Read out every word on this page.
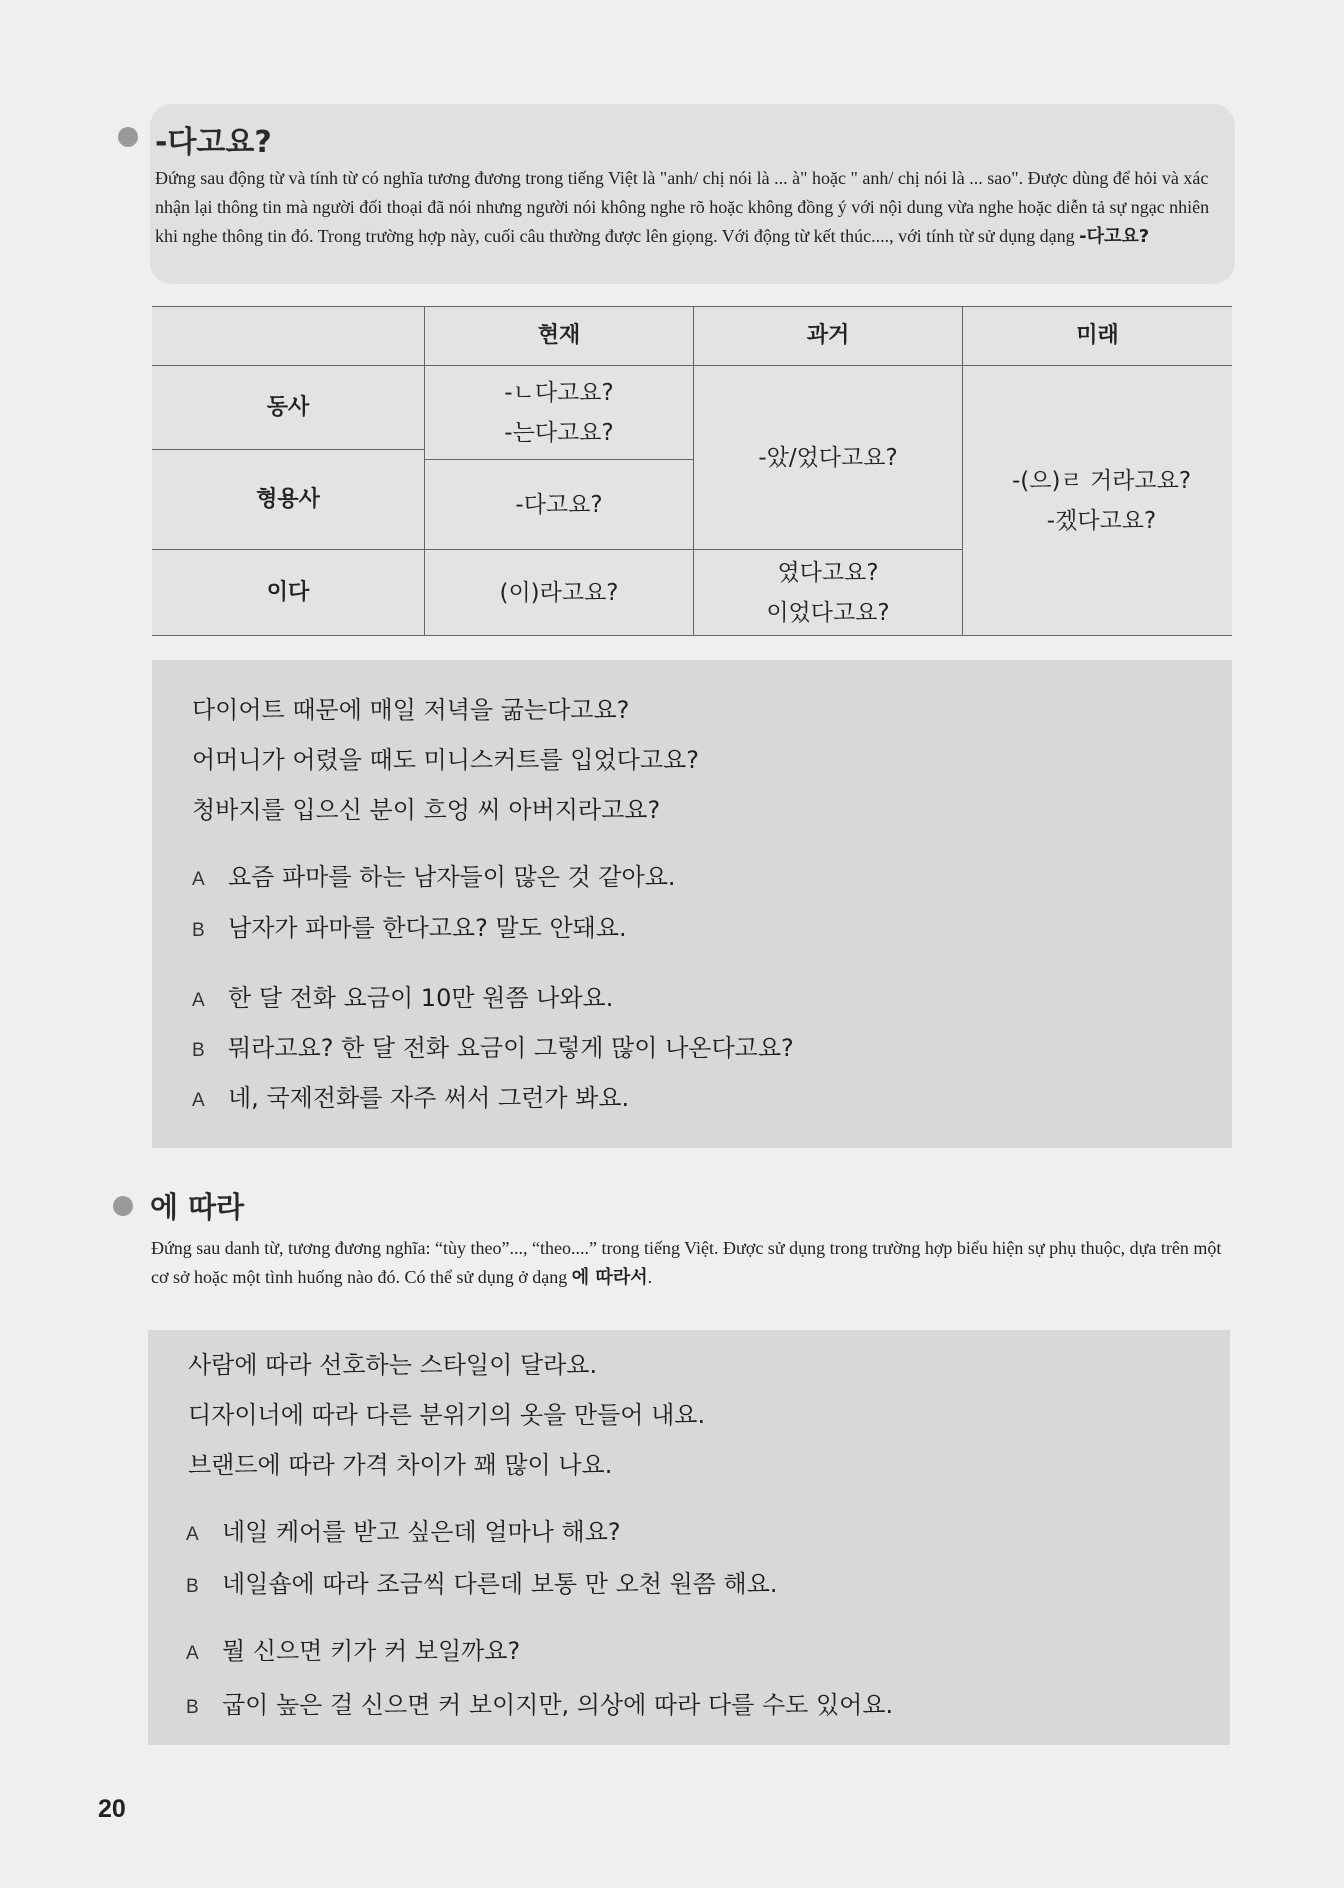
-다고요?
Đứng sau động từ và tính từ có nghĩa tương đương trong tiếng Việt là "anh/ chị nói là ... à" hoặc " anh/ chị nói là ... sao". Được dùng để hỏi và xác nhận lại thông tin mà người đối thoại đã nói nhưng người nói không nghe rõ hoặc không đồng ý với nội dung vừa nghe hoặc diễn tả sự ngạc nhiên khi nghe thông tin đó. Trong trường hợp này, cuối câu thường được lên giọng. Với động từ kết thúc...., với tính từ sử dụng dạng -다고요?
현재	과거	미래
동사
형용사
이다
-ㄴ다고요?
-는다고요?
-다고요?
(이)라고요?
-았/었다고요?
였다고요?
이었다고요?
-(으)ㄹ 거라고요?
-겠다고요?
다이어트 때문에 매일 저녁을 굶는다고요?
어머니가 어렸을 때도 미니스커트를 입었다고요?
청바지를 입으신 분이 흐엉 씨 아버지라고요?
A 요즘 파마를 하는 남자들이 많은 것 같아요.
B 남자가 파마를 한다고요? 말도 안돼요.
A 한 달 전화 요금이 10만 원쯤 나와요.
B 뭐라고요? 한 달 전화 요금이 그렇게 많이 나온다고요?
A 네, 국제전화를 자주 써서 그런가 봐요.
에 따라
Đứng sau danh từ, tương đương nghĩa: “tùy theo”..., “theo....” trong tiếng Việt. Được sử dụng trong trường hợp biểu hiện sự phụ thuộc, dựa trên một cơ sở hoặc một tình huống nào đó. Có thể sử dụng ở dạng 에 따라서.
사람에 따라 선호하는 스타일이 달라요.
디자이너에 따라 다른 분위기의 옷을 만들어 내요.
브랜드에 따라 가격 차이가 꽤 많이 나요.
A 네일 케어를 받고 싶은데 얼마나 해요?
B 네일숍에 따라 조금씩 다른데 보통 만 오천 원쯤 해요.
A 뭘 신으면 키가 커 보일까요?
B 굽이 높은 걸 신으면 커 보이지만, 의상에 따라 다를 수도 있어요.
20
